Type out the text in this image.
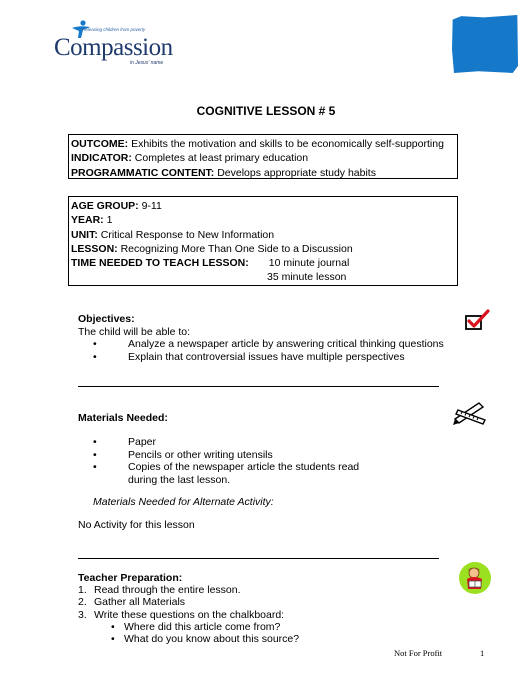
Releasing children from poverty
Compassion
in Jesus' name
COGNITIVE LESSON # 5
OUTCOME: Exhibits the motivation and skills to be economically self-supporting
INDICATOR: Completes at least primary education
PROGRAMMATIC CONTENT: Develops appropriate study habits
AGE GROUP: 9-11
YEAR: 1
UNIT: Critical Response to New Information
LESSON: Recognizing More Than One Side to a Discussion
TIME NEEDED TO TEACH LESSON: 10 minute journal
35 minute lesson
Objectives:
The child will be able to:
• Analyze a newspaper article by answering critical thinking questions
• Explain that controversial issues have multiple perspectives
Materials Needed:
• Paper
• Pencils or other writing utensils
• Copies of the newspaper article the students read during the last lesson.
Materials Needed for Alternate Activity:
No Activity for this lesson
Teacher Preparation:
1. Read through the entire lesson.
2. Gather all Materials
3. Write these questions on the chalkboard:
• Where did this article come from?
• What do you know about this source?
Not For Profit	1
